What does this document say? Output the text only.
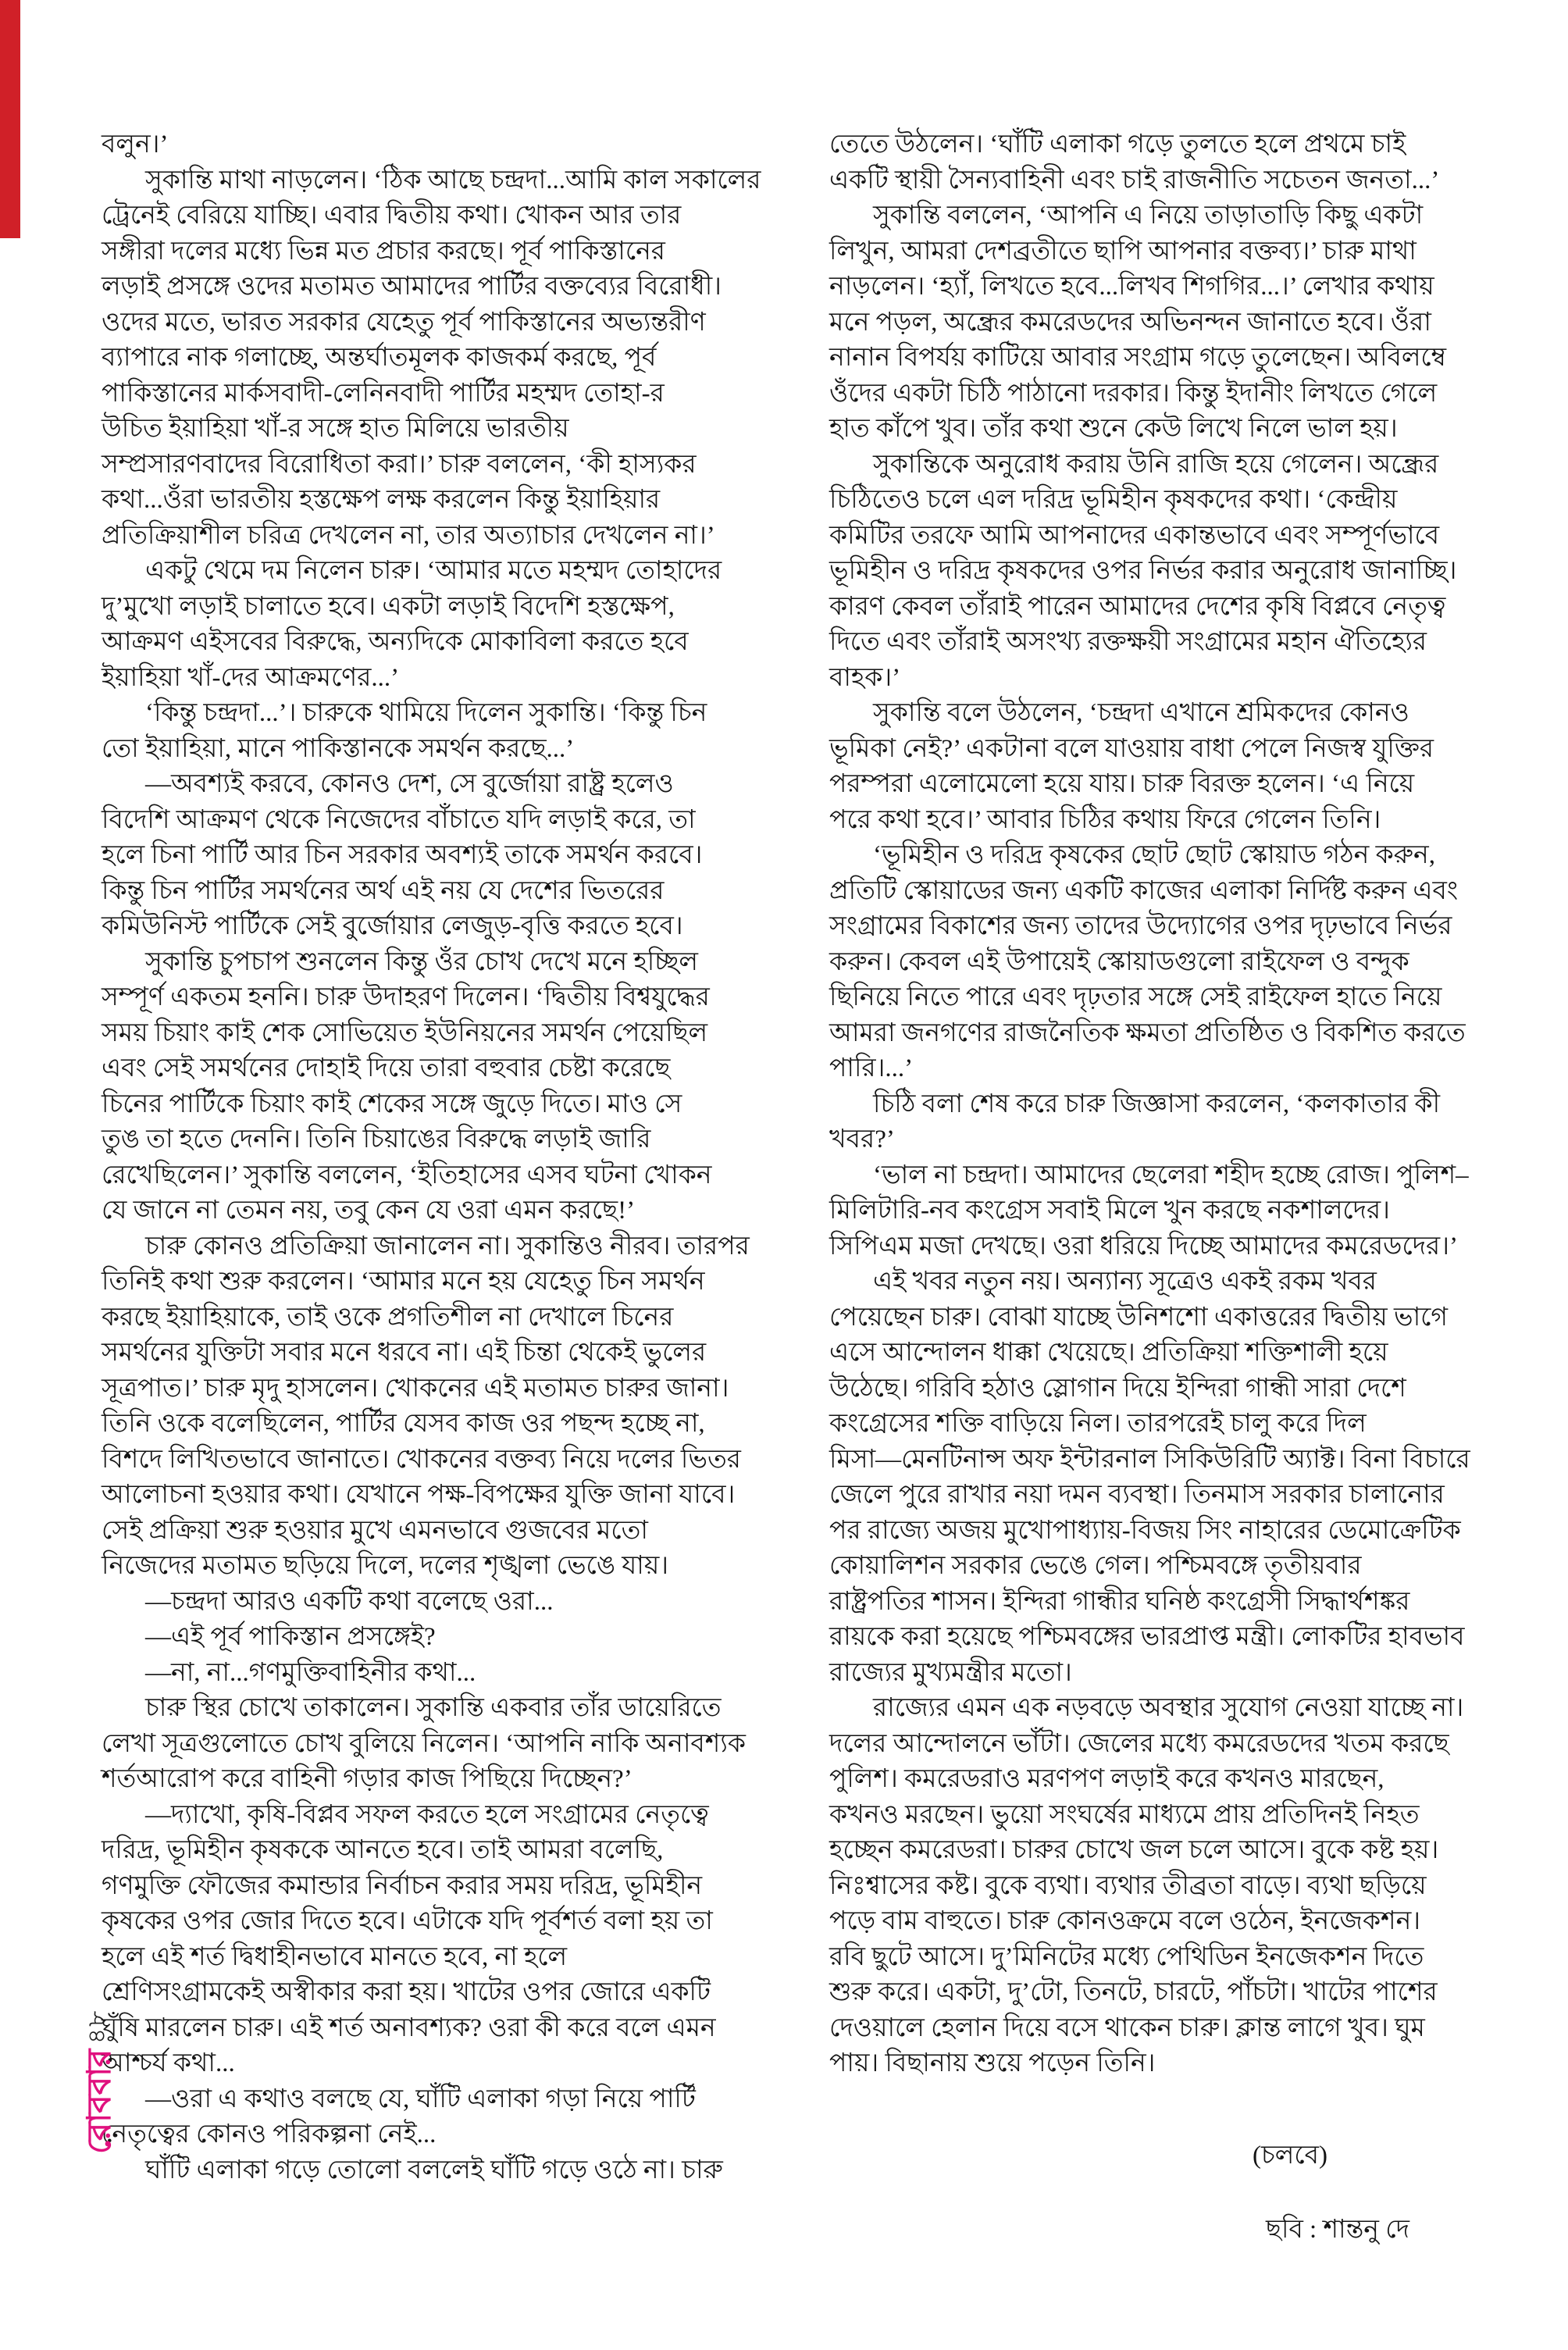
বলুন।’
সুকান্তি মাথা নাড়লেন। ‘ঠিক আছে চন্দ্রদা...আমি কাল সকালের
ট্রেনেই বেরিয়ে যাচ্ছি। এবার দ্বিতীয় কথা। খোকন আর তার
সঙ্গীরা দলের মধ্যে ভিন্ন মত প্রচার করছে। পূর্ব পাকিস্তানের
লড়াই প্রসঙ্গে ওদের মতামত আমাদের পার্টির বক্তব্যের বিরোধী।
ওদের মতে, ভারত সরকার যেহেতু পূর্ব পাকিস্তানের অভ্যন্তরীণ
ব্যাপারে নাক গলাচ্ছে, অন্তর্ঘাতমূলক কাজকর্ম করছে, পূর্ব
পাকিস্তানের মার্কসবাদী-লেনিনবাদী পার্টির মহম্মদ তোহা-র
উচিত ইয়াহিয়া খাঁ-র সঙ্গে হাত মিলিয়ে ভারতীয়
সম্প্রসারণবাদের বিরোধিতা করা।’ চারু বললেন, ‘কী হাস্যকর
কথা...ওঁরা ভারতীয় হস্তক্ষেপ লক্ষ করলেন কিন্তু ইয়াহিয়ার
প্রতিক্রিয়াশীল চরিত্র দেখলেন না, তার অত্যাচার দেখলেন না।’
একটু থেমে দম নিলেন চারু। ‘আমার মতে মহম্মদ তোহাদের
দু’মুখো লড়াই চালাতে হবে। একটা লড়াই বিদেশি হস্তক্ষেপ,
আক্রমণ এইসবের বিরুদ্ধে, অন্যদিকে মোকাবিলা করতে হবে
ইয়াহিয়া খাঁ-দের আক্রমণের...’
‘কিন্তু চন্দ্রদা...’। চারুকে থামিয়ে দিলেন সুকান্তি। ‘কিন্তু চিন
তো ইয়াহিয়া, মানে পাকিস্তানকে সমর্থন করছে...’
—অবশ্যই করবে, কোনও দেশ, সে বুর্জোয়া রাষ্ট্র হলেও
বিদেশি আক্রমণ থেকে নিজেদের বাঁচাতে যদি লড়াই করে, তা
হলে চিনা পার্টি আর চিন সরকার অবশ্যই তাকে সমর্থন করবে।
কিন্তু চিন পার্টির সমর্থনের অর্থ এই নয় যে দেশের ভিতরের
কমিউনিস্ট পার্টিকে সেই বুর্জোয়ার লেজুড়-বৃত্তি করতে হবে।
সুকান্তি চুপচাপ শুনলেন কিন্তু ওঁর চোখ দেখে মনে হচ্ছিল
সম্পূর্ণ একতম হননি। চারু উদাহরণ দিলেন। ‘দ্বিতীয় বিশ্বযুদ্ধের
সময় চিয়াং কাই শেক সোভিয়েত ইউনিয়নের সমর্থন পেয়েছিল
এবং সেই সমর্থনের দোহাই দিয়ে তারা বহুবার চেষ্টা করেছে
চিনের পার্টিকে চিয়াং কাই শেকের সঙ্গে জুড়ে দিতে। মাও সে
তুঙ তা হতে দেননি। তিনি চিয়াঙের বিরুদ্ধে লড়াই জারি
রেখেছিলেন।’ সুকান্তি বললেন, ‘ইতিহাসের এসব ঘটনা খোকন
যে জানে না তেমন নয়, তবু কেন যে ওরা এমন করছে!’
চারু কোনও প্রতিক্রিয়া জানালেন না। সুকান্তিও নীরব। তারপর
তিনিই কথা শুরু করলেন। ‘আমার মনে হয় যেহেতু চিন সমর্থন
করছে ইয়াহিয়াকে, তাই ওকে প্রগতিশীল না দেখালে চিনের
সমর্থনের যুক্তিটা সবার মনে ধরবে না। এই চিন্তা থেকেই ভুলের
সূত্রপাত।’ চারু মৃদু হাসলেন। খোকনের এই মতামত চারুর জানা।
তিনি ওকে বলেছিলেন, পার্টির যেসব কাজ ওর পছন্দ হচ্ছে না,
বিশদে লিখিতভাবে জানাতে। খোকনের বক্তব্য নিয়ে দলের ভিতর
আলোচনা হওয়ার কথা। যেখানে পক্ষ-বিপক্ষের যুক্তি জানা যাবে।
সেই প্রক্রিয়া শুরু হওয়ার মুখে এমনভাবে গুজবের মতো
নিজেদের মতামত ছড়িয়ে দিলে, দলের শৃঙ্খলা ভেঙে যায়।
—চন্দ্রদা আরও একটি কথা বলেছে ওরা...
—এই পূর্ব পাকিস্তান প্রসঙ্গেই?
—না, না...গণমুক্তিবাহিনীর কথা...
চারু স্থির চোখে তাকালেন। সুকান্তি একবার তাঁর ডায়েরিতে
লেখা সূত্রগুলোতে চোখ বুলিয়ে নিলেন। ‘আপনি নাকি অনাবশ্যক
শর্তআরোপ করে বাহিনী গড়ার কাজ পিছিয়ে দিচ্ছেন?’
—দ্যাখো, কৃষি-বিপ্লব সফল করতে হলে সংগ্রামের নেতৃত্বে
দরিদ্র, ভূমিহীন কৃষককে আনতে হবে। তাই আমরা বলেছি,
গণমুক্তি ফৌজের কমান্ডার নির্বাচন করার সময় দরিদ্র, ভূমিহীন
কৃষকের ওপর জোর দিতে হবে। এটাকে যদি পূর্বশর্ত বলা হয় তা
হলে এই শর্ত দ্বিধাহীনভাবে মানতে হবে, না হলে
শ্রেণিসংগ্রামকেই অস্বীকার করা হয়। খাটের ওপর জোরে একটি
ঘুঁষি মারলেন চারু। এই শর্ত অনাবশ্যক? ওরা কী করে বলে এমন
আশ্চর্য কথা...
—ওরা এ কথাও বলছে যে, ঘাঁটি এলাকা গড়া নিয়ে পার্টি
নেতৃত্বের কোনও পরিকল্পনা নেই...
ঘাঁটি এলাকা গড়ে তোলো বললেই ঘাঁটি গড়ে ওঠে না। চারু
তেতে উঠলেন। ‘ঘাঁটি এলাকা গড়ে তুলতে হলে প্রথমে চাই
একটি স্থায়ী সৈন্যবাহিনী এবং চাই রাজনীতি সচেতন জনতা...’
সুকান্তি বললেন, ‘আপনি এ নিয়ে তাড়াতাড়ি কিছু একটা
লিখুন, আমরা দেশব্রতীতে ছাপি আপনার বক্তব্য।’ চারু মাথা
নাড়লেন। ‘হ্যাঁ, লিখতে হবে...লিখব শিগগির...।’ লেখার কথায়
মনে পড়ল, অন্ধ্রের কমরেডদের অভিনন্দন জানাতে হবে। ওঁরা
নানান বিপর্যয় কাটিয়ে আবার সংগ্রাম গড়ে তুলেছেন। অবিলম্বে
ওঁদের একটা চিঠি পাঠানো দরকার। কিন্তু ইদানীং লিখতে গেলে
হাত কাঁপে খুব। তাঁর কথা শুনে কেউ লিখে নিলে ভাল হয়।
সুকান্তিকে অনুরোধ করায় উনি রাজি হয়ে গেলেন। অন্ধ্রের
চিঠিতেও চলে এল দরিদ্র ভূমিহীন কৃষকদের কথা। ‘কেন্দ্রীয়
কমিটির তরফে আমি আপনাদের একান্তভাবে এবং সম্পূর্ণভাবে
ভূমিহীন ও দরিদ্র কৃষকদের ওপর নির্ভর করার অনুরোধ জানাচ্ছি।
কারণ কেবল তাঁরাই পারেন আমাদের দেশের কৃষি বিপ্লবে নেতৃত্ব
দিতে এবং তাঁরাই অসংখ্য রক্তক্ষয়ী সংগ্রামের মহান ঐতিহ্যের
বাহক।’
সুকান্তি বলে উঠলেন, ‘চন্দ্রদা এখানে শ্রমিকদের কোনও
ভূমিকা নেই?’ একটানা বলে যাওয়ায় বাধা পেলে নিজস্ব যুক্তির
পরম্পরা এলোমেলো হয়ে যায়। চারু বিরক্ত হলেন। ‘এ নিয়ে
পরে কথা হবে।’ আবার চিঠির কথায় ফিরে গেলেন তিনি।
‘ভূমিহীন ও দরিদ্র কৃষকের ছোট ছোট স্কোয়াড গঠন করুন,
প্রতিটি স্কোয়াডের জন্য একটি কাজের এলাকা নির্দিষ্ট করুন এবং
সংগ্রামের বিকাশের জন্য তাদের উদ্যোগের ওপর দৃঢ়ভাবে নির্ভর
করুন। কেবল এই উপায়েই স্কোয়াডগুলো রাইফেল ও বন্দুক
ছিনিয়ে নিতে পারে এবং দৃঢ়তার সঙ্গে সেই রাইফেল হাতে নিয়ে
আমরা জনগণের রাজনৈতিক ক্ষমতা প্রতিষ্ঠিত ও বিকশিত করতে
পারি।...’
চিঠি বলা শেষ করে চারু জিজ্ঞাসা করলেন, ‘কলকাতার কী
খবর?’
‘ভাল না চন্দ্রদা। আমাদের ছেলেরা শহীদ হচ্ছে রোজ। পুলিশ–
মিলিটারি-নব কংগ্রেস সবাই মিলে খুন করছে নকশালদের।
সিপিএম মজা দেখছে। ওরা ধরিয়ে দিচ্ছে আমাদের কমরেডদের।’
এই খবর নতুন নয়। অন্যান্য সূত্রেও একই রকম খবর
পেয়েছেন চারু। বোঝা যাচ্ছে উনিশশো একাত্তরের দ্বিতীয় ভাগে
এসে আন্দোলন ধাক্কা খেয়েছে। প্রতিক্রিয়া শক্তিশালী হয়ে
উঠেছে। গরিবি হঠাও স্লোগান দিয়ে ইন্দিরা গান্ধী সারা দেশে
কংগ্রেসের শক্তি বাড়িয়ে নিল। তারপরেই চালু করে দিল
মিসা—মেনটিনান্স অফ ইন্টারনাল সিকিউরিটি অ্যাক্ট। বিনা বিচারে
জেলে পুরে রাখার নয়া দমন ব্যবস্থা। তিনমাস সরকার চালানোর
পর রাজ্যে অজয় মুখোপাধ্যায়-বিজয় সিং নাহারের ডেমোক্রেটিক
কোয়ালিশন সরকার ভেঙে গেল। পশ্চিমবঙ্গে তৃতীয়বার
রাষ্ট্রপতির শাসন। ইন্দিরা গান্ধীর ঘনিষ্ঠ কংগ্রেসী সিদ্ধার্থশঙ্কর
রায়কে করা হয়েছে পশ্চিমবঙ্গের ভারপ্রাপ্ত মন্ত্রী। লোকটির হাবভাব
রাজ্যের মুখ্যমন্ত্রীর মতো।
রাজ্যের এমন এক নড়বড়ে অবস্থার সুযোগ নেওয়া যাচ্ছে না।
দলের আন্দোলনে ভাঁটা। জেলের মধ্যে কমরেডদের খতম করছে
পুলিশ। কমরেডরাও মরণপণ লড়াই করে কখনও মারছেন,
কখনও মরছেন। ভুয়ো সংঘর্ষের মাধ্যমে প্রায় প্রতিদিনই নিহত
হচ্ছেন কমরেডরা। চারুর চোখে জল চলে আসে। বুকে কষ্ট হয়।
নিঃশ্বাসের কষ্ট। বুকে ব্যথা। ব্যথার তীব্রতা বাড়ে। ব্যথা ছড়িয়ে
পড়ে বাম বাহুতে। চারু কোনওক্রমে বলে ওঠেন, ইনজেকশন।
রবি ছুটে আসে। দু’মিনিটের মধ্যে পেথিডিন ইনজেকশন দিতে
শুরু করে। একটা, দু’টো, তিনটে, চারটে, পাঁচটা। খাটের পাশের
দেওয়ালে হেলান দিয়ে বসে থাকেন চারু। ক্লান্ত লাগে খুব। ঘুম
পায়। বিছানায় শুয়ে পড়েন তিনি।
৪৮
রোববার
(চলবে)
ছবি : শান্তনু দে
